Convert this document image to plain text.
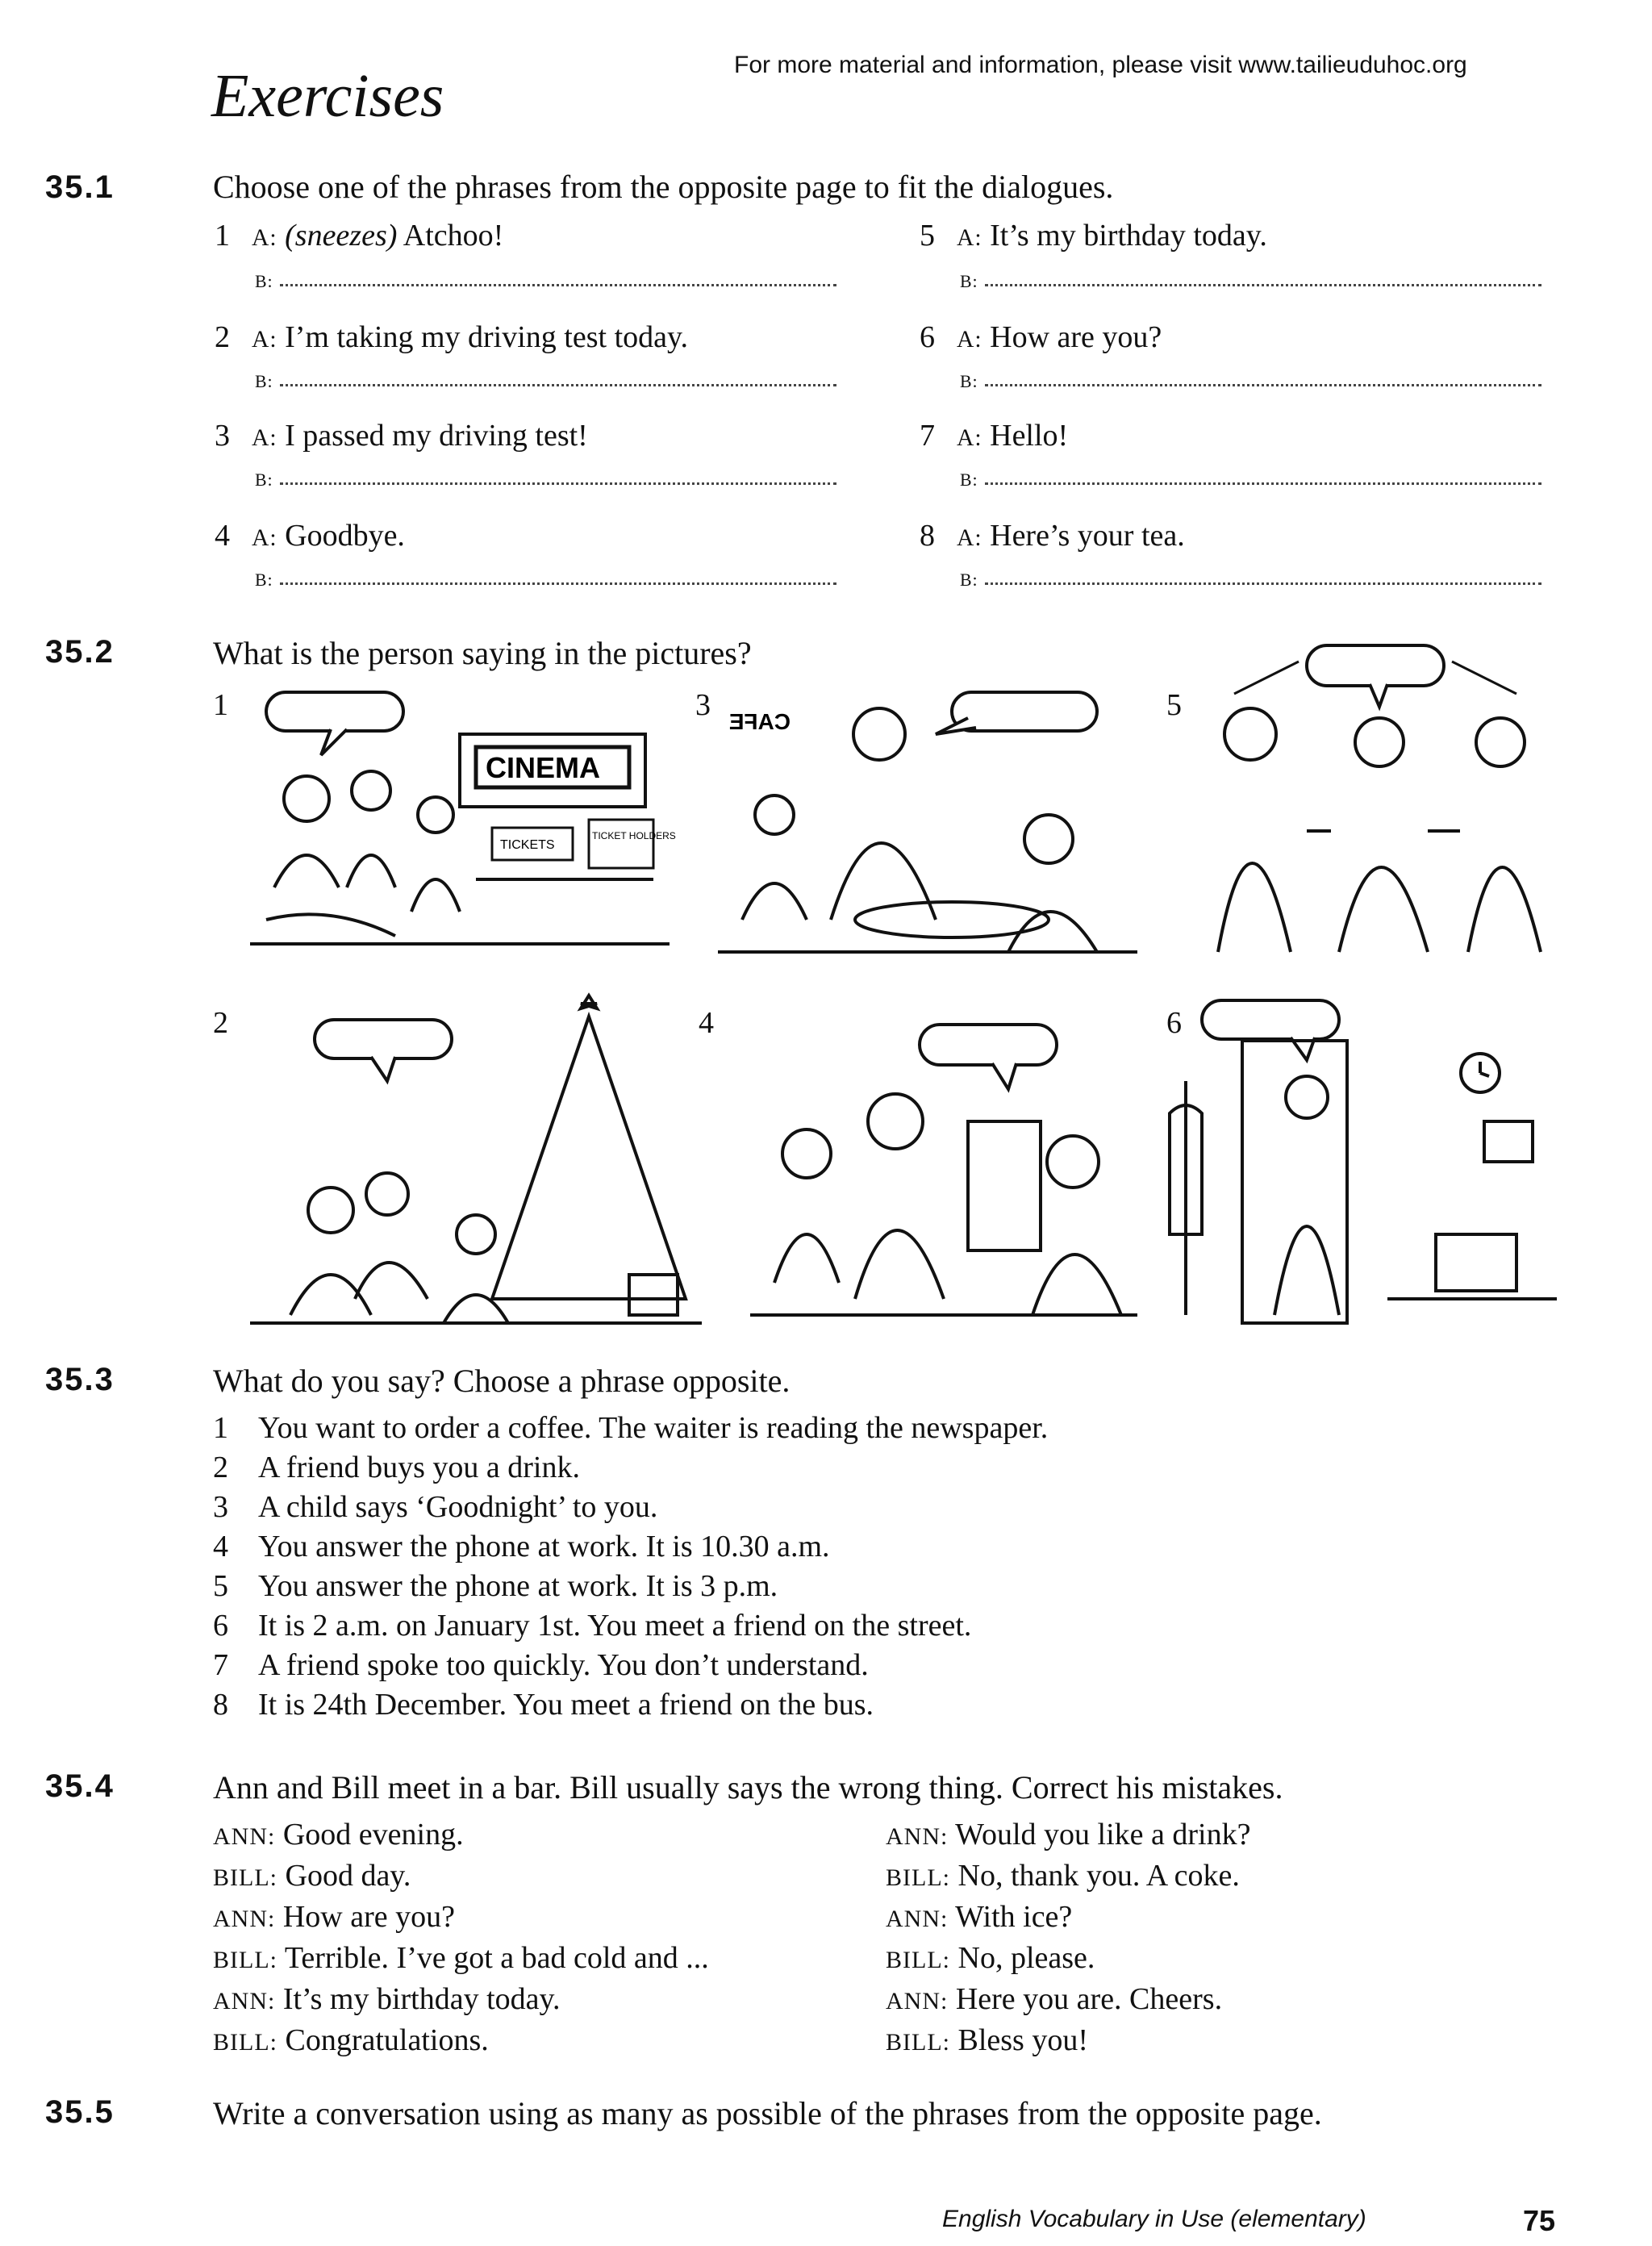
Exercises	For more material and information, please visit www.tailieuduhoc.org
35.1	Choose one of the phrases from the opposite page to fit the dialogues.
1 A: (sneezes) Atchoo!
B:
2 A: I’m taking my driving test today.
B:
3 A: I passed my driving test!
B:
4 A: Goodbye.
B:
5 A: It’s my birthday today.
B:
6 A: How are you?
B:
7 A: Hello!
B:
8 A: Here’s your tea.
B:
35.2	What is the person saying in the pictures?
1
CINEMA
TICKETS
TICKET HOLDERS
3 CAFE	5
2	4	6
35.3	What do you say? Choose a phrase opposite.
1 You want to order a coffee. The waiter is reading the newspaper.
2 A friend buys you a drink.
3 A child says ‘Goodnight’ to you.
4 You answer the phone at work. It is 10.30 a.m.
5 You answer the phone at work. It is 3 p.m.
6 It is 2 a.m. on January 1st. You meet a friend on the street.
7 A friend spoke too quickly. You don’t understand.
8 It is 24th December. You meet a friend on the bus.
35.4	Ann and Bill meet in a bar. Bill usually says the wrong thing. Correct his mistakes.
ANN: Good evening.
BILL: Good day.
ANN: How are you?
BILL: Terrible. I’ve got a bad cold and ...
ANN: It’s my birthday today.
BILL: Congratulations.
ANN: Would you like a drink?
BILL: No, thank you. A coke.
ANN: With ice?
BILL: No, please.
ANN: Here you are. Cheers.
BILL: Bless you!
35.5	Write a conversation using as many as possible of the phrases from the opposite page.
English Vocabulary in Use (elementary)	75
